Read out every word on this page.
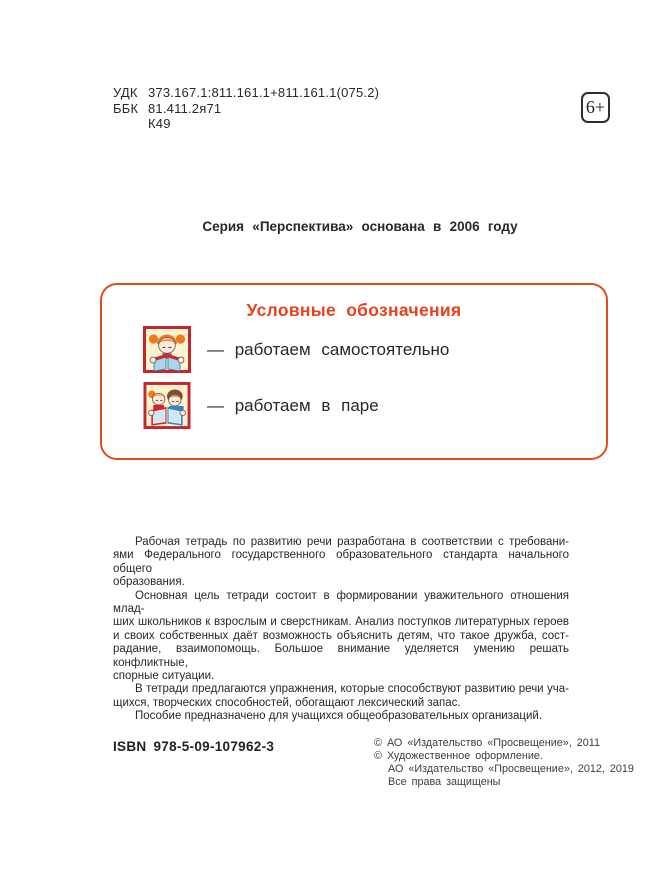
УДК 373.167.1:811.161.1+811.161.1(075.2)
ББК 81.411.2я71
К49
6+
Серия «Перспектива» основана в 2006 году
Условные обозначения
— работаем самостоятельно
— работаем в паре
Рабочая тетрадь по развитию речи разработана в соответствии с требовани-
ями Федерального государственного образовательного стандарта начального общего
образования.
Основная цель тетради состоит в формировании уважительного отношения млад-
ших школьников к взрослым и сверстникам. Анализ поступков литературных героев
и своих собственных даёт возможность объяснить детям, что такое дружба, сост-
радание, взаимопомощь. Большое внимание уделяется умению решать конфликтные,
спорные ситуации.
В тетради предлагаются упражнения, которые способствуют развитию речи уча-
щихся, творческих способностей, обогащают лексический запас.
Пособие предназначено для учащихся общеобразовательных организаций.
ISBN 978-5-09-107962-3	© АО «Издательство «Просвещение», 2011
© Художественное оформление.
АО «Издательство «Просвещение», 2012, 2019
Все права защищены
